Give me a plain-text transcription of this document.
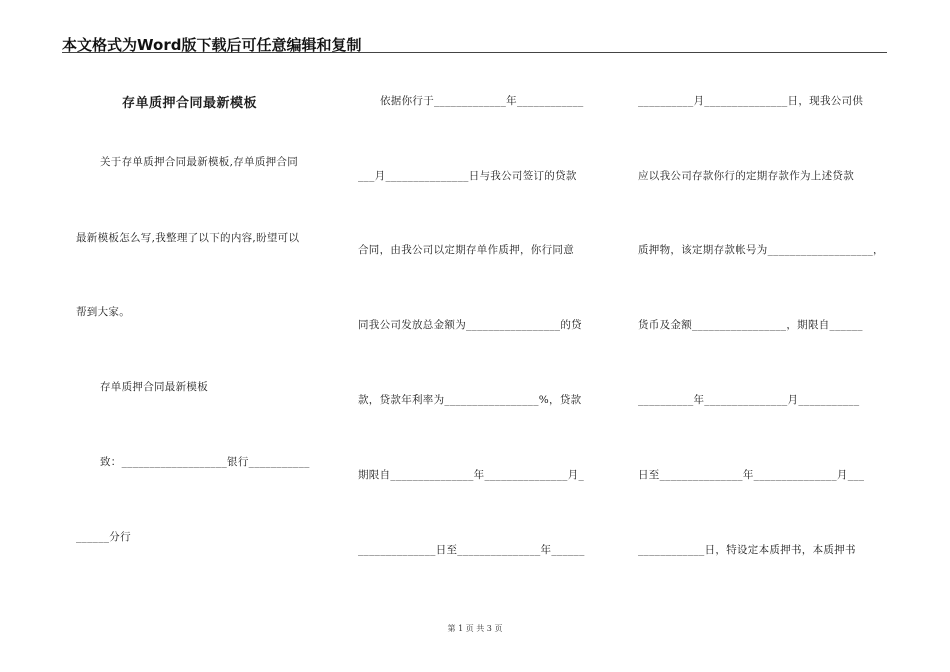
本文格式为Word版下载后可任意编辑和复制
存单质押合同最新模板
关于存单质押合同最新模板,存单质押合同
最新模板怎么写,我整理了以下的内容,盼望可以
帮到大家。
存单质押合同最新模板
致：___________________银行___________
______分行
依据你行于_____________年____________
___月_______________日与我公司签订的贷款
合同，由我公司以定期存单作质押，你行同意
同我公司发放总金额为_________________的贷
款，贷款年利率为_________________%，贷款
期限自_______________年_______________月_
______________日至_______________年______
__________月_______________日，现我公司供
应以我公司存款你行的定期存款作为上述贷款
质押物，该定期存款帐号为___________________，
货币及金额_________________，期限自______
__________年_______________月___________
日至_______________年_______________月___
____________日，特设定本质押书，本质押书
第 1 页 共 3 页
